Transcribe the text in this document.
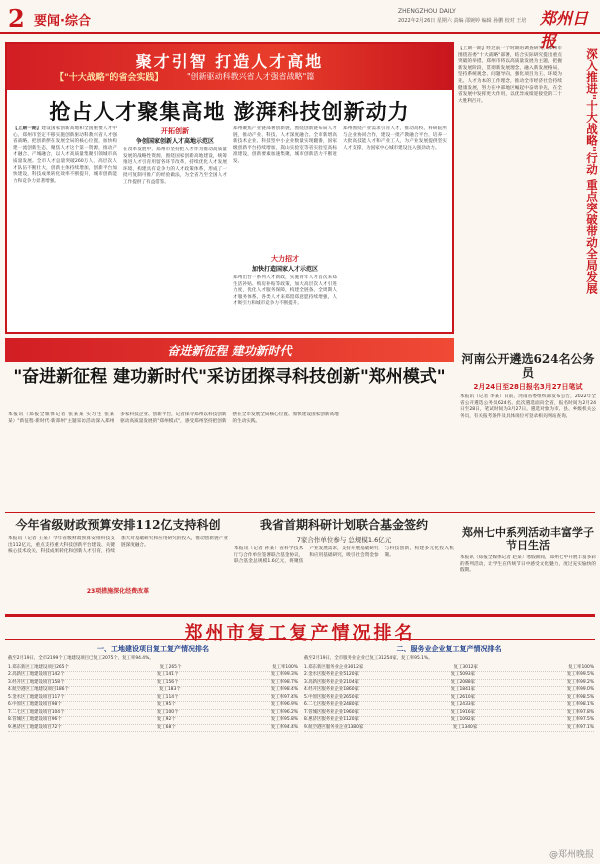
2 要闻·综合
ZHENGZHOU DAILY
2022年2月26日 星期六 责编 邵婉婷 编辑 孙鹏 校对 王培 郑州日报
聚才引智 打造人才高地
【"十大战略"的省会实践】	"创新驱动科教兴省人才强省战略"篇
抢占人才聚集高地 澎湃科技创新动力
【上期一期】建设国家创新高地和全国重要人才中心，郑州市坚定不移实施创新驱动科教兴省人才强省战略，把创新摆在发展全局的核心位置，加快构建一流创新生态，聚焦人才这个第一资源，推动产才融合、产城融合，以人才高质量集聚引领城市高质量发展。全市人才总量突破260万人，高层次人才队伍不断壮大，创新主体持续增加，创新平台加快建设，科技成果转化效率不断提升，城市创新能力和竞争力显著增强。
开拓创新
争创国家创新人才高地示范区
在改革发展中，郑州市坚持把人才作为推动高质量发展的战略性资源，围绕国家创新高地建设，统筹推进人才引育用留各环节改革，持续优化人才发展环境，构建具有竞争力的人才政策体系，形成了一批可复制可推广的经验做法，为全省乃至全国人才工作提供了有益借鉴。
郑州聚焦产业链部署创新链，围绕创新链布局人才链，推动产业、科技、人才深度融合。全市新增高新技术企业、科技型中小企业数量实现翻番，国家级创新平台持续增加，嵩山实验室等省实验室高标准建设，创新要素加速集聚，城市创新活力不断迸发。
大力招才
加快打造国家人才示范区
郑州出台一系列人才新政，实施青年人才首次来郑生活补贴、购房补贴等政策，加大高层次人才引进力度，优化人才服务保障，构建全链条、全周期人才服务体系。各类人才来郑留郑意愿持续增强，人才吸引力和城市竞争力不断提升。
郑州围绕产业需求引育人才，推动高校、科研院所与企业协同合作，建设一批产教融合平台，培养一大批高技能人才和产业工人，为产业发展提供坚实人才支撑，为国家中心城市建设注入强劲动力。
【上期一期】经过前一个时期的调查研究，郑州市围绕省委"十大战略"部署，结合实际研究提出重点突破的举措。郑州市将以高质量发展为主题，把握新发展阶段，贯彻新发展理念，融入新发展格局，坚持系统观念、问题导向，强化项目为王、环境为先、人才为本的工作理念，推动全市经济社会持续健康发展，努力在中部地区崛起中奋勇争先，在全省发展中发挥更大作用，以优异成绩迎接党的二十大胜利召开。	深入推进"十大战略"行动 重点突破带动全局发展
奋进新征程 建功新时代
"奋进新征程 建功新时代"采访团探寻科技创新"郑州模式"
本报讯（郑报全媒体记者 张某某 实习生 张某某）"新征程·新时代·新郑州"主题采访活动深入郑州多家科技企业、创新平台，记者探寻郑州以科技创新驱动高质量发展的"郑州模式"，感受郑州坚持把创新摆在全市发展全局核心位置、加快建设国家创新高地的生动实践。
河南公开遴选624名公务员
2月24日至28日报名3月27日笔试
本报讯（记者 李某）日前，河南省委组织部发布公告，2022年全省公开遴选公务员624名。此次遴选面向全省，报名时间为2月24日至28日，笔试时间为3月27日。遴选对象为市、县、乡级机关公务员，有关报考条件及具体岗位可登录相关网站查询。
今年省级财政预算安排112亿支持科创
本报讯（记者 王某）今年省级财政预算安排科技支出112亿元，重点支持重大科技创新平台建设、关键核心技术攻关、科技成果转化和创新人才引育，持续加大对基础研究和应用研究的投入，推动创新链产业链深度融合。
23项措施深化经费改革
我省首期科研计划联合基金签约
7家合作单位参与 总规模1.6亿元
本报讯（记者 孙某）省科学技术厅与合作单位签署联合基金协议，联合基金总规模1.6亿元，将聚焦产业发展需求，支持开展基础研究和应用基础研究，吸引社会资金参与科技创新，构建多元化投入机制。
郑州七中系列活动丰富学子节日生活
本报讯（郑报全媒体记者 赵某）寒假期间，郑州七中开展丰富多彩的系列活动，让学生在传统节日中感受文化魅力，度过充实愉快的假期。
郑州市复工复产情况排名
一、工地建设项目复工复产情况排名
截至2月19日，全市2199个工地建设项目已复工2075个，复工率94.4%。
1.郑东新区工地建设项目265个	复工265个	复工率100%
2.高新区工地建设项目142个	复工141个	复工率99.3%
3.经开区工地建设项目158个	复工156个	复工率98.7%
4.航空港区工地建设项目186个	复工183个	复工率98.4%
5.金水区工地建设项目117个	复工114个	复工率97.4%
6.中原区工地建设项目98个	复工95个	复工率96.9%
7.二七区工地建设项目104个	复工100个	复工率96.2%
8.管城区工地建设项目96个	复工92个	复工率95.8%
9.惠济区工地建设项目72个	复工68个	复工率94.4%
二、服务业企业复工复产情况排名
截至2月19日，全市服务业企业已复工31254家，复工率95.1%。
1.郑东新区服务业企业3012家	复工3012家	复工率100%
2.金水区服务业企业5120家	复工5093家	复工率99.5%
3.高新区服务业企业2104家	复工2088家	复工率99.2%
4.经开区服务业企业1860家	复工1841家	复工率99.0%
5.中原区服务业企业2650家	复工2610家	复工率98.5%
6.二七区服务业企业2480家	复工2433家	复工率98.1%
7.管城区服务业企业1960家	复工1916家	复工率97.8%
8.惠济区服务业企业1120家	复工1092家	复工率97.5%
9.航空港区服务业企业1380家	复工1340家	复工率97.1%
@郑州晚报
